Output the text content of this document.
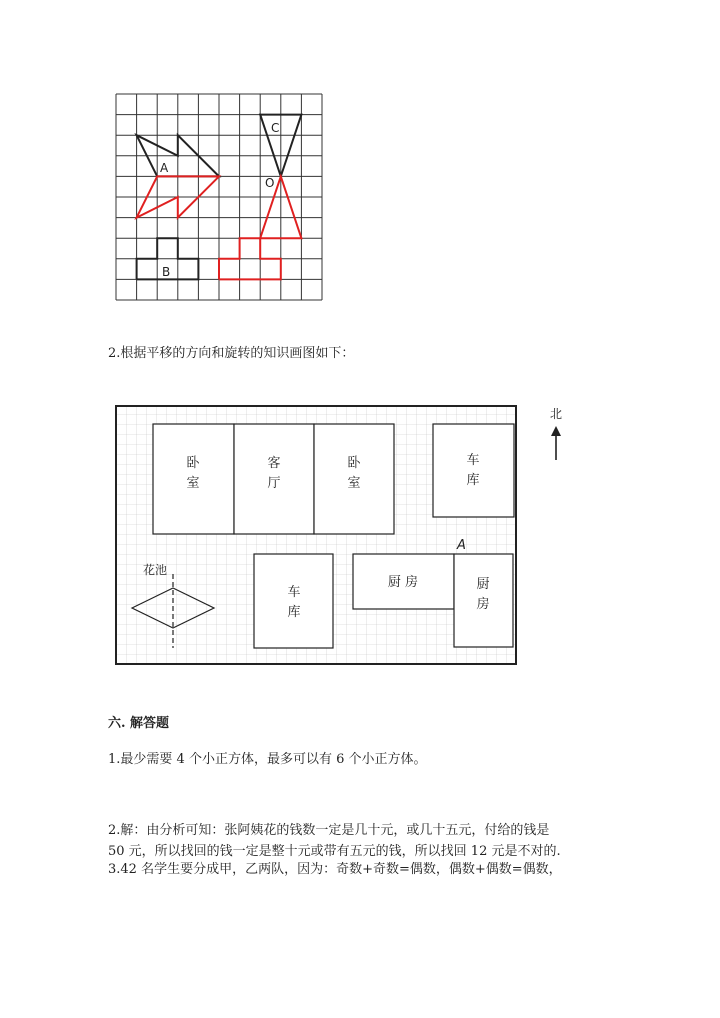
A
B
C
O
2.根据平移的方向和旋转的知识画图如下：
卧
室
客
厅
卧
室
车
库
车
库
厨 房	厨
房
花池
A
北
六. 解答题
1.最少需要 4 个小正方体，最多可以有 6 个小正方体。
2.解：由分析可知：张阿姨花的钱数一定是几十元，或几十五元，付给的钱是
50 元，所以找回的钱一定是整十元或带有五元的钱，所以找回 12 元是不对的.
3.42 名学生要分成甲，乙两队，因为：奇数+奇数=偶数，偶数+偶数=偶数，
